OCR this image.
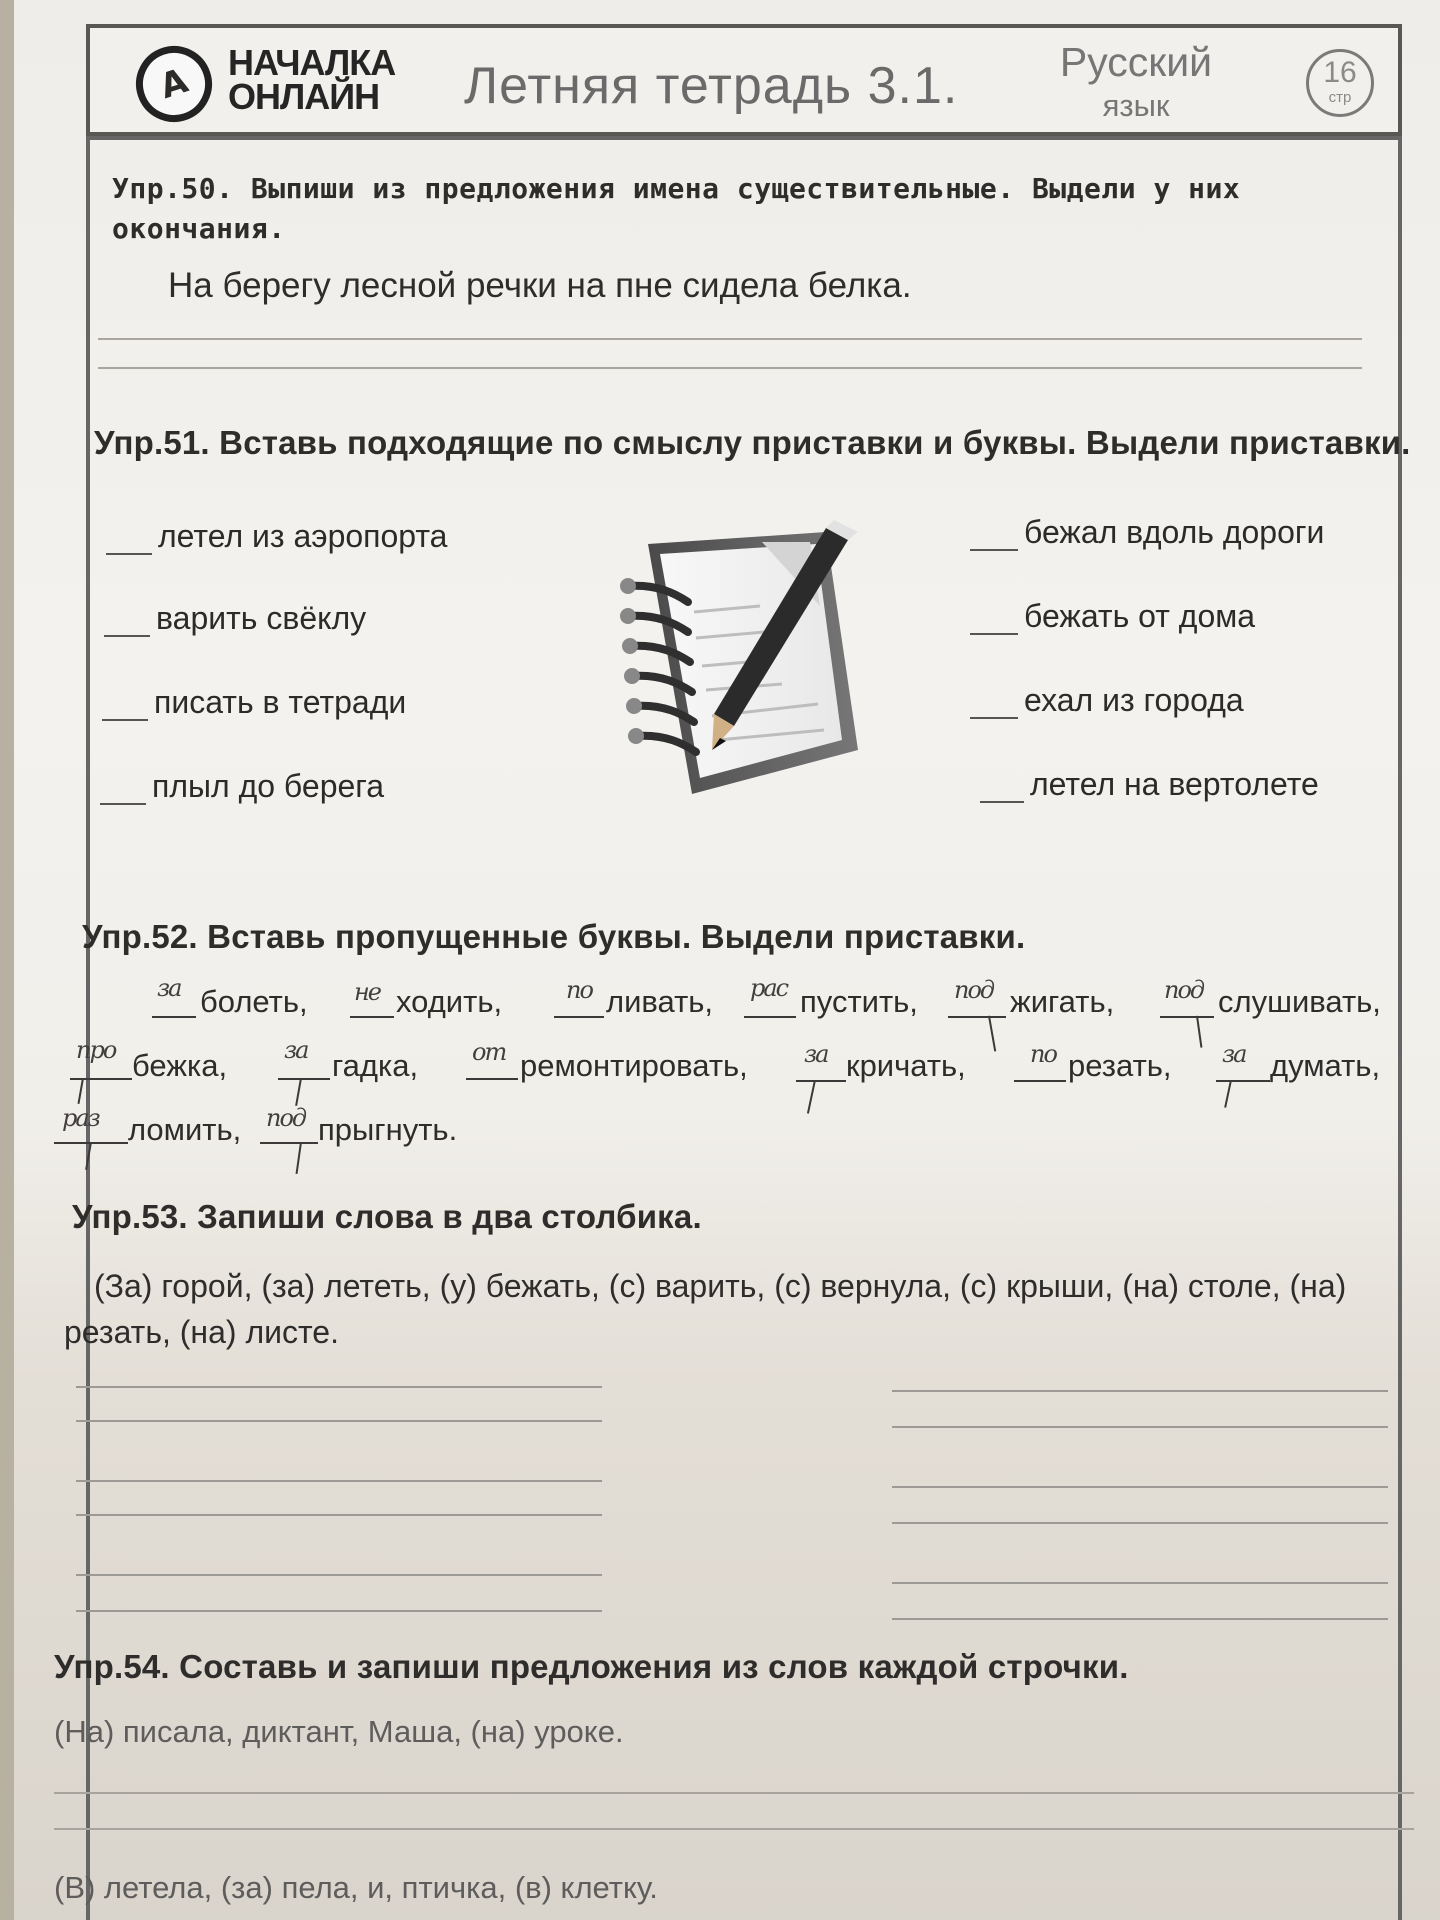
А НАЧАЛКА
ОНЛАЙН	Летняя тетрадь 3.1.	Русский
язык
16
стр
Упр.50. Выпиши из предложения имена существительные. Выдели у них
окончания.
На берегу лесной речки на пне сидела белка.
Упр.51. Вставь подходящие по смыслу приставки и буквы. Выдели приставки.
летел из аэропорта
варить свёклу
писать в тетради
плыл до берега
бежал вдоль дороги
бежать от дома
ехал из города
летел на вертолете
Упр.52. Вставь пропущенные буквы. Выдели приставки.
за болеть, не ходить,	по ливать, рас пустить, под жигать, под слушивать,
про бежка, за гадка, от ремонтировать, за кричать,	по резать, за думать,
раз ломить, под прыгнуть.
Упр.53. Запиши слова в два столбика.
(За) горой, (за) лететь, (у) бежать, (с) варить, (с) вернула, (с) крыши, (на) столе, (на)
резать, (на) листе.
Упр.54. Составь и запиши предложения из слов каждой строчки.
(На) писала, диктант, Маша, (на) уроке.
(В) летела, (за) пела, и, птичка, (в) клетку.
